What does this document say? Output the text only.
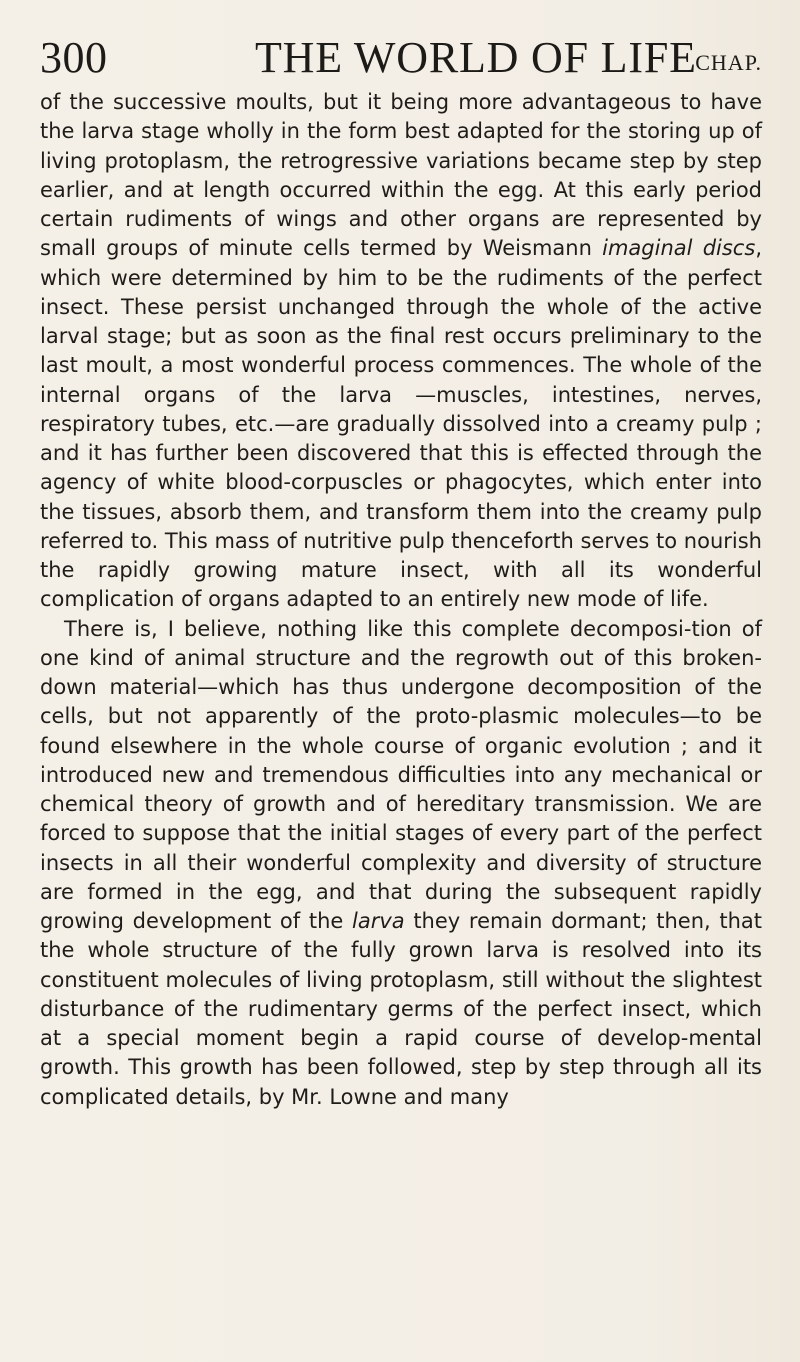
300	THE WORLD OF LIFE
CHAP.

of the successive moults, but it being more advantageous to have the larva stage wholly in the form best adapted for the storing up of living protoplasm, the retrogressive variations became step by step earlier, and at length occurred within the egg. At this early period certain rudiments of wings and other organs are represented by small groups of minute cells termed by Weismann imaginal discs, which were determined by him to be the rudiments of the perfect insect. These persist unchanged through the whole of the active larval stage; but as soon as the final rest occurs preliminary to the last moult, a most wonderful process commences. The whole of the internal organs of the larva —muscles, intestines, nerves, respiratory tubes, etc.—are gradually dissolved into a creamy pulp ; and it has further been discovered that this is effected through the agency of white blood-corpuscles or phagocytes, which enter into the tissues, absorb them, and transform them into the creamy pulp referred to. This mass of nutritive pulp thenceforth serves to nourish the rapidly growing mature insect, with all its wonderful complication of organs adapted to an entirely new mode of life.

There is, I believe, nothing like this complete decomposi-tion of one kind of animal structure and the regrowth out of this broken-down material—which has thus undergone decomposition of the cells, but not apparently of the proto-plasmic molecules—to be found elsewhere in the whole course of organic evolution ; and it introduced new and tremendous difficulties into any mechanical or chemical theory of growth and of hereditary transmission. We are forced to suppose that the initial stages of every part of the perfect insects in all their wonderful complexity and diversity of structure are formed in the egg, and that during the subsequent rapidly growing development of the larva they remain dormant; then, that the whole structure of the fully grown larva is resolved into its constituent molecules of living protoplasm, still without the slightest disturbance of the rudimentary germs of the perfect insect, which at a special moment begin a rapid course of develop-mental growth. This growth has been followed, step by step through all its complicated details, by Mr. Lowne and many
